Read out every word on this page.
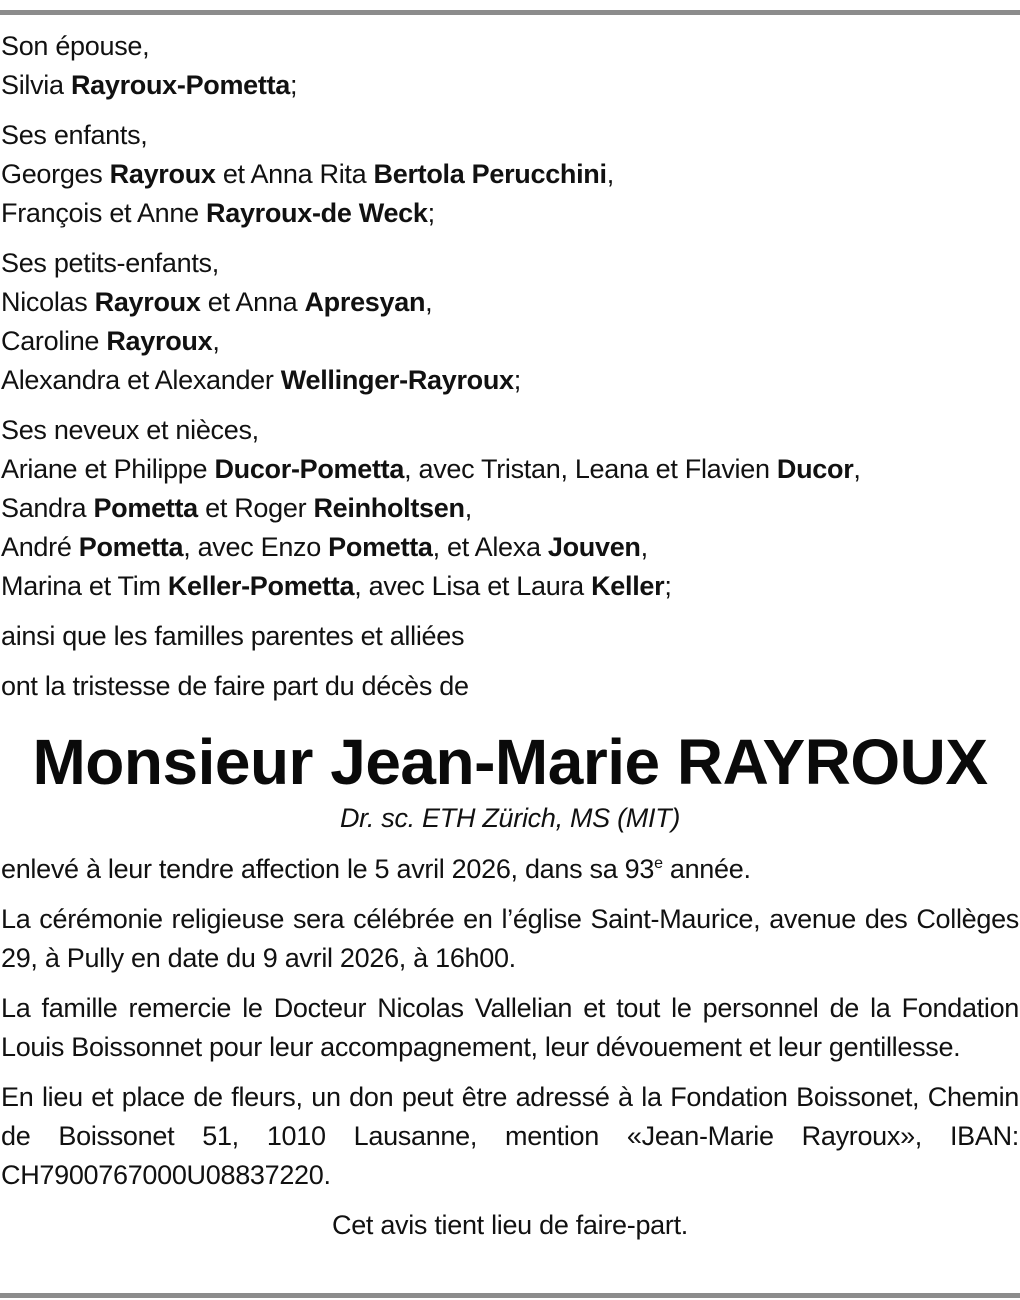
Son épouse,
Silvia Rayroux-Pometta;
Ses enfants,
Georges Rayroux et Anna Rita Bertola Perucchini,
François et Anne Rayroux-de Weck;
Ses petits-enfants,
Nicolas Rayroux et Anna Apresyan,
Caroline Rayroux,
Alexandra et Alexander Wellinger-Rayroux;
Ses neveux et nièces,
Ariane et Philippe Ducor-Pometta, avec Tristan, Leana et Flavien Ducor,
Sandra Pometta et Roger Reinholtsen,
André Pometta, avec Enzo Pometta, et Alexa Jouven,
Marina et Tim Keller-Pometta, avec Lisa et Laura Keller;
ainsi que les familles parentes et alliées
ont la tristesse de faire part du décès de
Monsieur Jean-Marie RAYROUX
Dr. sc. ETH Zürich, MS (MIT)
enlevé à leur tendre affection le 5 avril 2026, dans sa 93e année.
La cérémonie religieuse sera célébrée en l’église Saint-Maurice, avenue des Collèges 29, à Pully en date du 9 avril 2026, à 16h00.
La famille remercie le Docteur Nicolas Vallelian et tout le personnel de la Fondation Louis Boissonnet pour leur accompagnement, leur dévouement et leur gentillesse.
En lieu et place de fleurs, un don peut être adressé à la Fondation Boissonet, Chemin de Boissonet 51, 1010 Lausanne, mention «Jean-Marie Rayroux», IBAN: CH7900767000U08837220.
Cet avis tient lieu de faire-part.
